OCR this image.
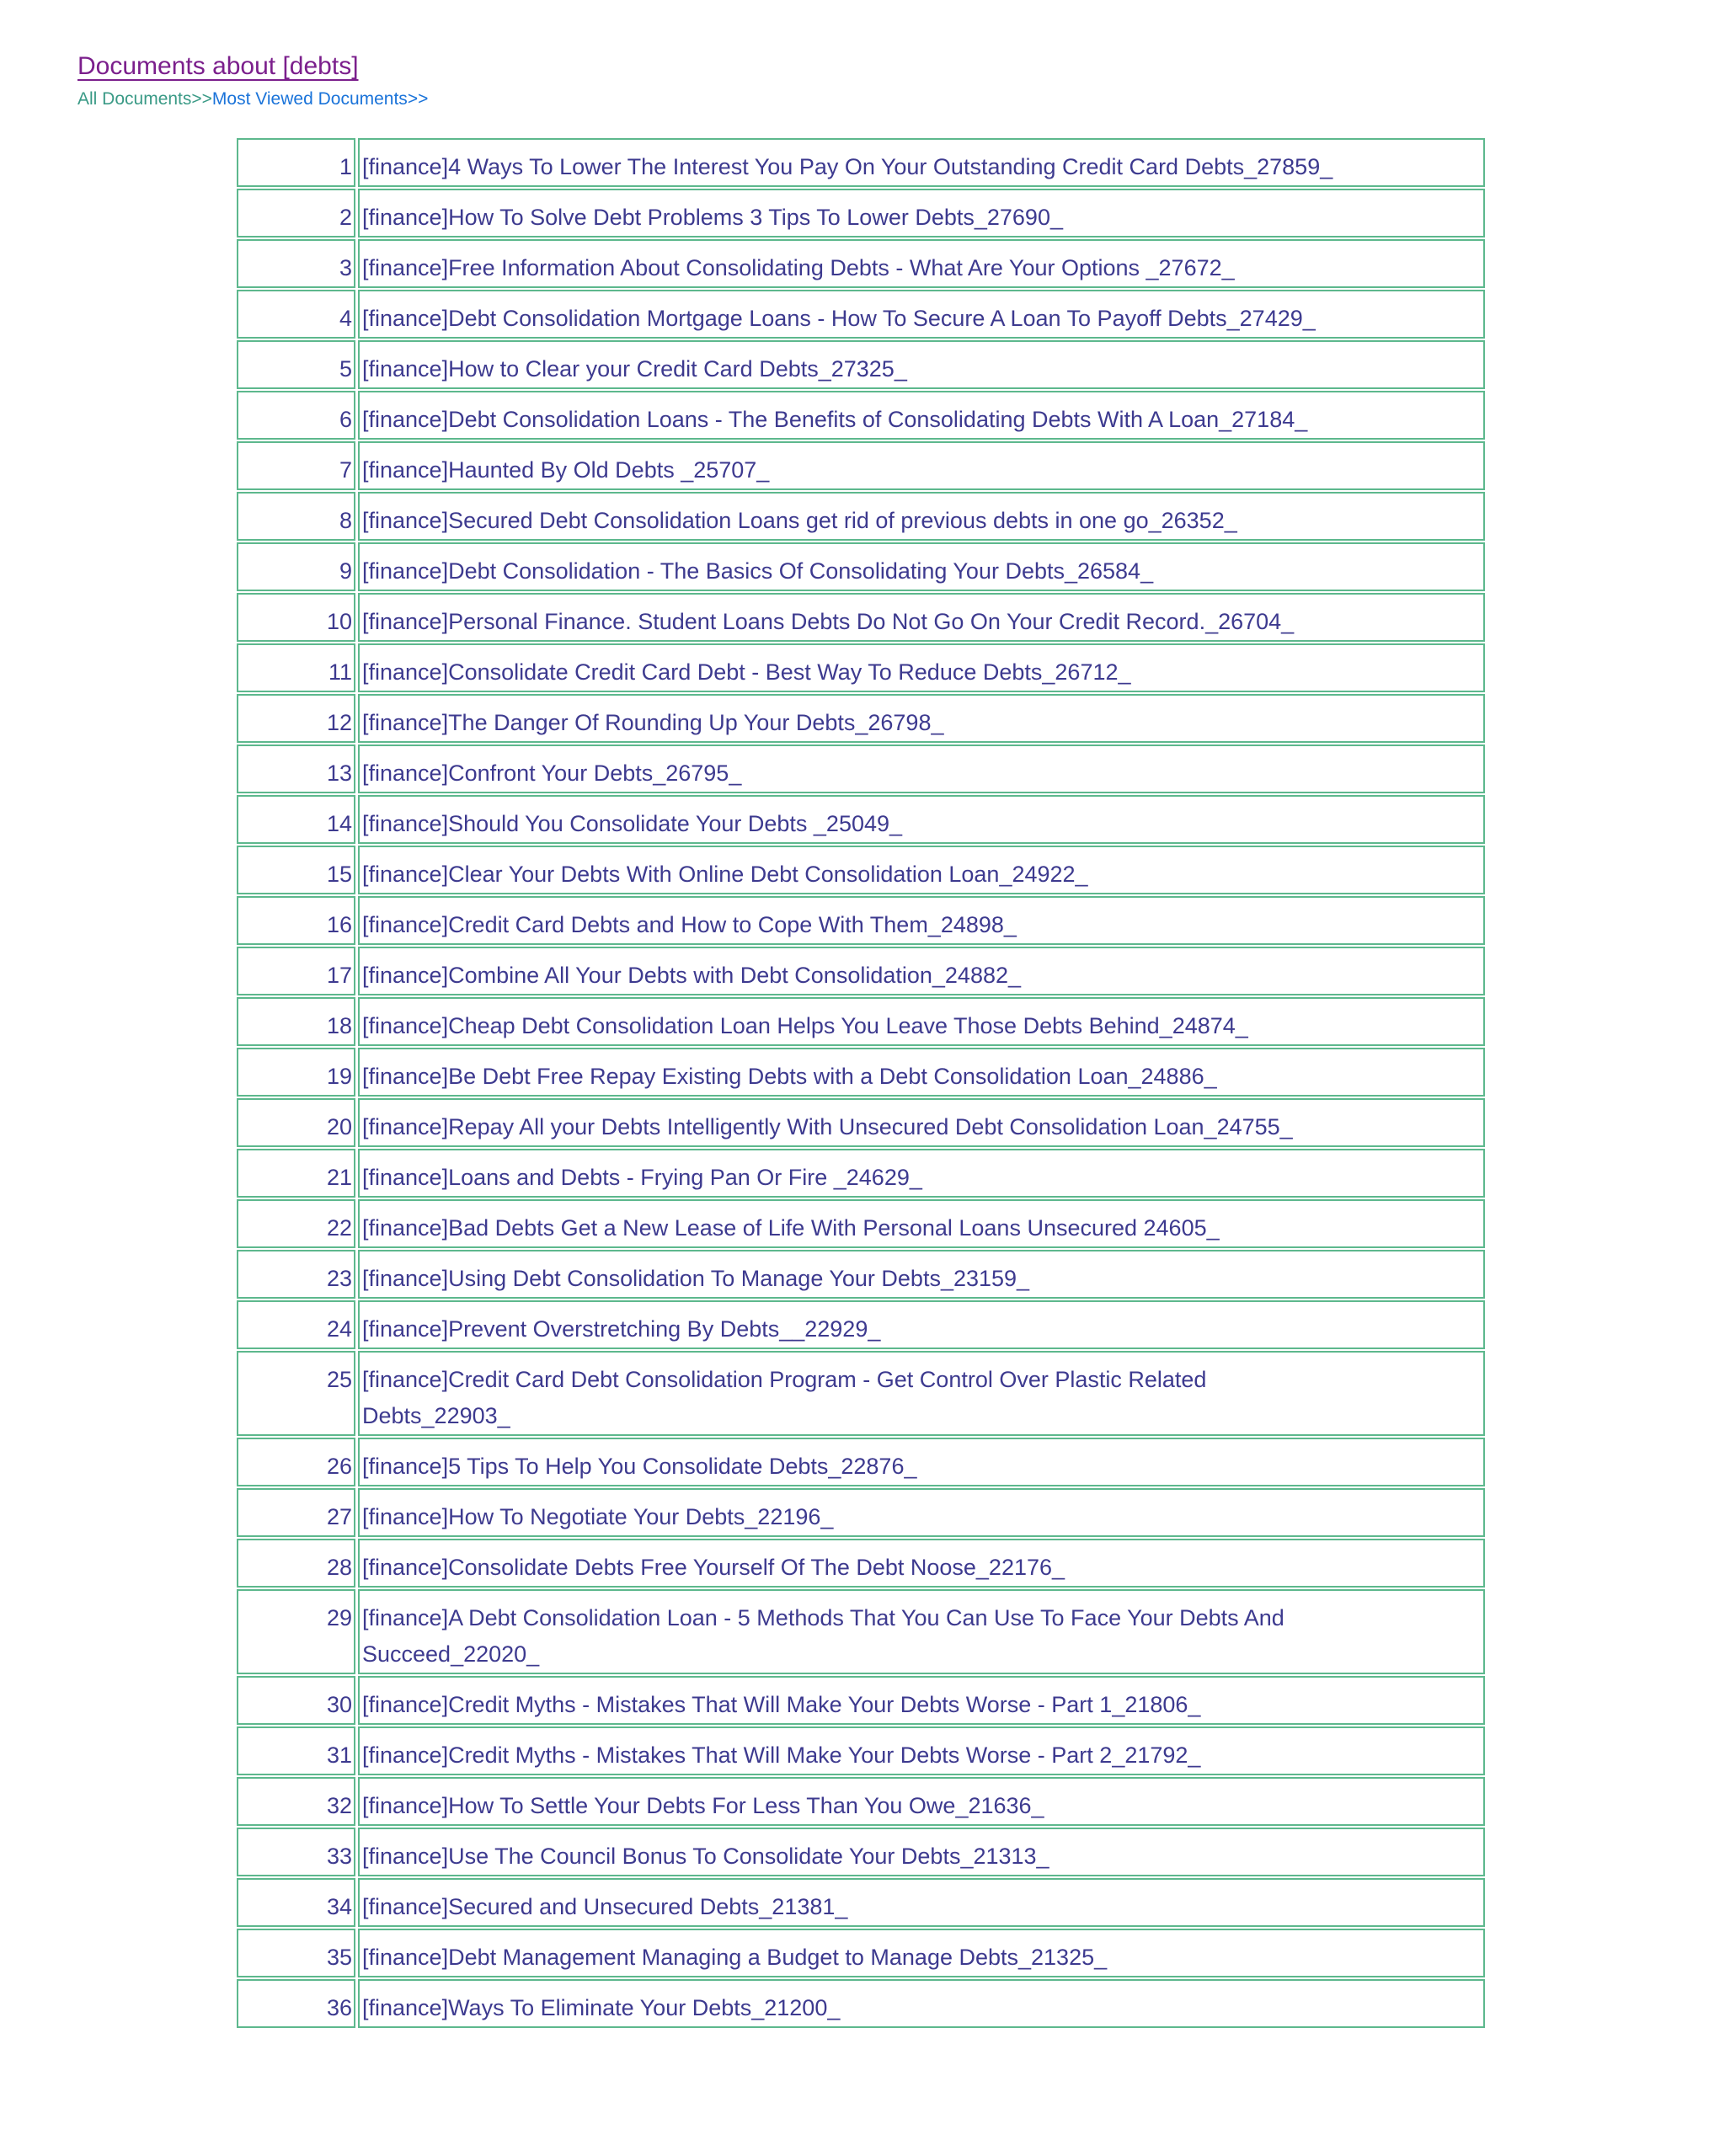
Documents about [debts]
All Documents>>Most Viewed Documents>>
1	[finance]4 Ways To Lower The Interest You Pay On Your Outstanding Credit Card Debts_27859_

2	[finance]How To Solve Debt Problems 3 Tips To Lower Debts_27690_

3	[finance]Free Information About Consolidating Debts - What Are Your Options _27672_

4	[finance]Debt Consolidation Mortgage Loans - How To Secure A Loan To Payoff Debts_27429_

5	[finance]How to Clear your Credit Card Debts_27325_

6	[finance]Debt Consolidation Loans - The Benefits of Consolidating Debts With A Loan_27184_

7	[finance]Haunted By Old Debts _25707_

8	[finance]Secured Debt Consolidation Loans get rid of previous debts in one go_26352_

9	[finance]Debt Consolidation - The Basics Of Consolidating Your Debts_26584_

10	[finance]Personal Finance. Student Loans Debts Do Not Go On Your Credit Record._26704_

11	[finance]Consolidate Credit Card Debt - Best Way To Reduce Debts_26712_

12	[finance]The Danger Of Rounding Up Your Debts_26798_

13	[finance]Confront Your Debts_26795_

14	[finance]Should You Consolidate Your Debts _25049_

15	[finance]Clear Your Debts With Online Debt Consolidation Loan_24922_

16	[finance]Credit Card Debts and How to Cope With Them_24898_

17	[finance]Combine All Your Debts with Debt Consolidation_24882_

18	[finance]Cheap Debt Consolidation Loan Helps You Leave Those Debts Behind_24874_

19	[finance]Be Debt Free Repay Existing Debts with a Debt Consolidation Loan_24886_

20	[finance]Repay All your Debts Intelligently With Unsecured Debt Consolidation Loan_24755_

21	[finance]Loans and Debts - Frying Pan Or Fire _24629_

22	[finance]Bad Debts Get a New Lease of Life With Personal Loans Unsecured 24605_

23	[finance]Using Debt Consolidation To Manage Your Debts_23159_

24	[finance]Prevent Overstretching By Debts__22929_

25	[finance]Credit Card Debt Consolidation Program - Get Control Over Plastic Related Debts_22903_

26	[finance]5 Tips To Help You Consolidate Debts_22876_

27	[finance]How To Negotiate Your Debts_22196_

28	[finance]Consolidate Debts Free Yourself Of The Debt Noose_22176_

29	[finance]A Debt Consolidation Loan - 5 Methods That You Can Use To Face Your Debts And Succeed_22020_

30	[finance]Credit Myths - Mistakes That Will Make Your Debts Worse - Part 1_21806_

31	[finance]Credit Myths - Mistakes That Will Make Your Debts Worse - Part 2_21792_

32	[finance]How To Settle Your Debts For Less Than You Owe_21636_

33	[finance]Use The Council Bonus To Consolidate Your Debts_21313_

34	[finance]Secured and Unsecured Debts_21381_

35	[finance]Debt Management Managing a Budget to Manage Debts_21325_

36	[finance]Ways To Eliminate Your Debts_21200_
